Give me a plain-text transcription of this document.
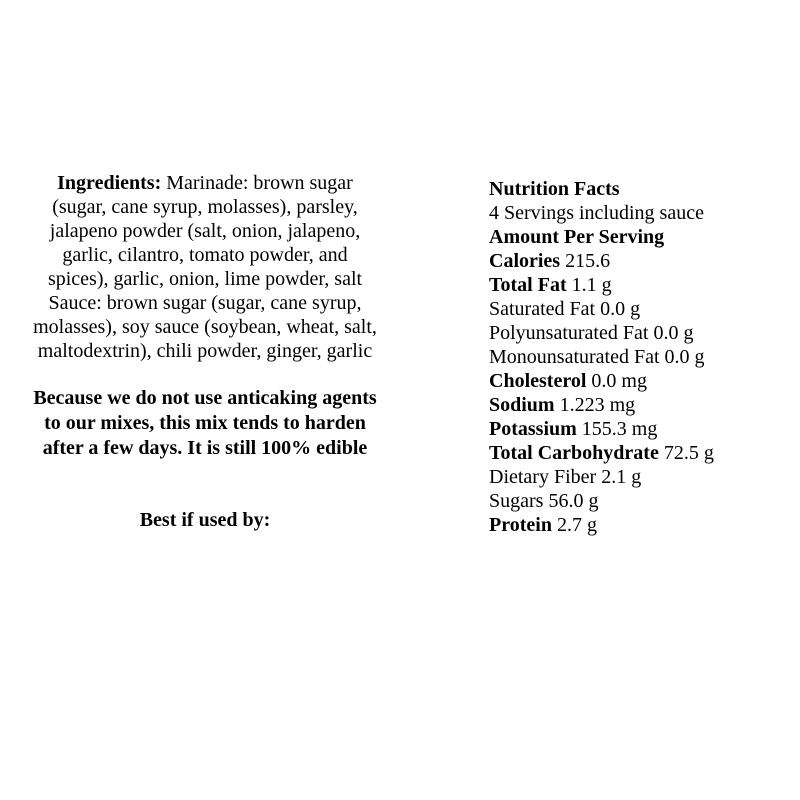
Ingredients: Marinade: brown sugar (sugar, cane syrup, molasses), parsley, jalapeno powder (salt, onion, jalapeno, garlic, cilantro, tomato powder, and spices), garlic, onion, lime powder, salt Sauce: brown sugar (sugar, cane syrup, molasses), soy sauce (soybean, wheat, salt, maltodextrin), chili powder, ginger, garlic

Because we do not use anticaking agents to our mixes, this mix tends to harden after a few days. It is still 100% edible
Best if used by:
Nutrition Facts
4 Servings including sauce
Amount Per Serving
Calories 215.6
Total Fat 1.1 g
Saturated Fat 0.0 g
Polyunsaturated Fat 0.0 g
Monounsaturated Fat 0.0 g
Cholesterol 0.0 mg
Sodium 1.223 mg
Potassium 155.3 mg
Total Carbohydrate 72.5 g
Dietary Fiber 2.1 g
Sugars 56.0 g
Protein 2.7 g
